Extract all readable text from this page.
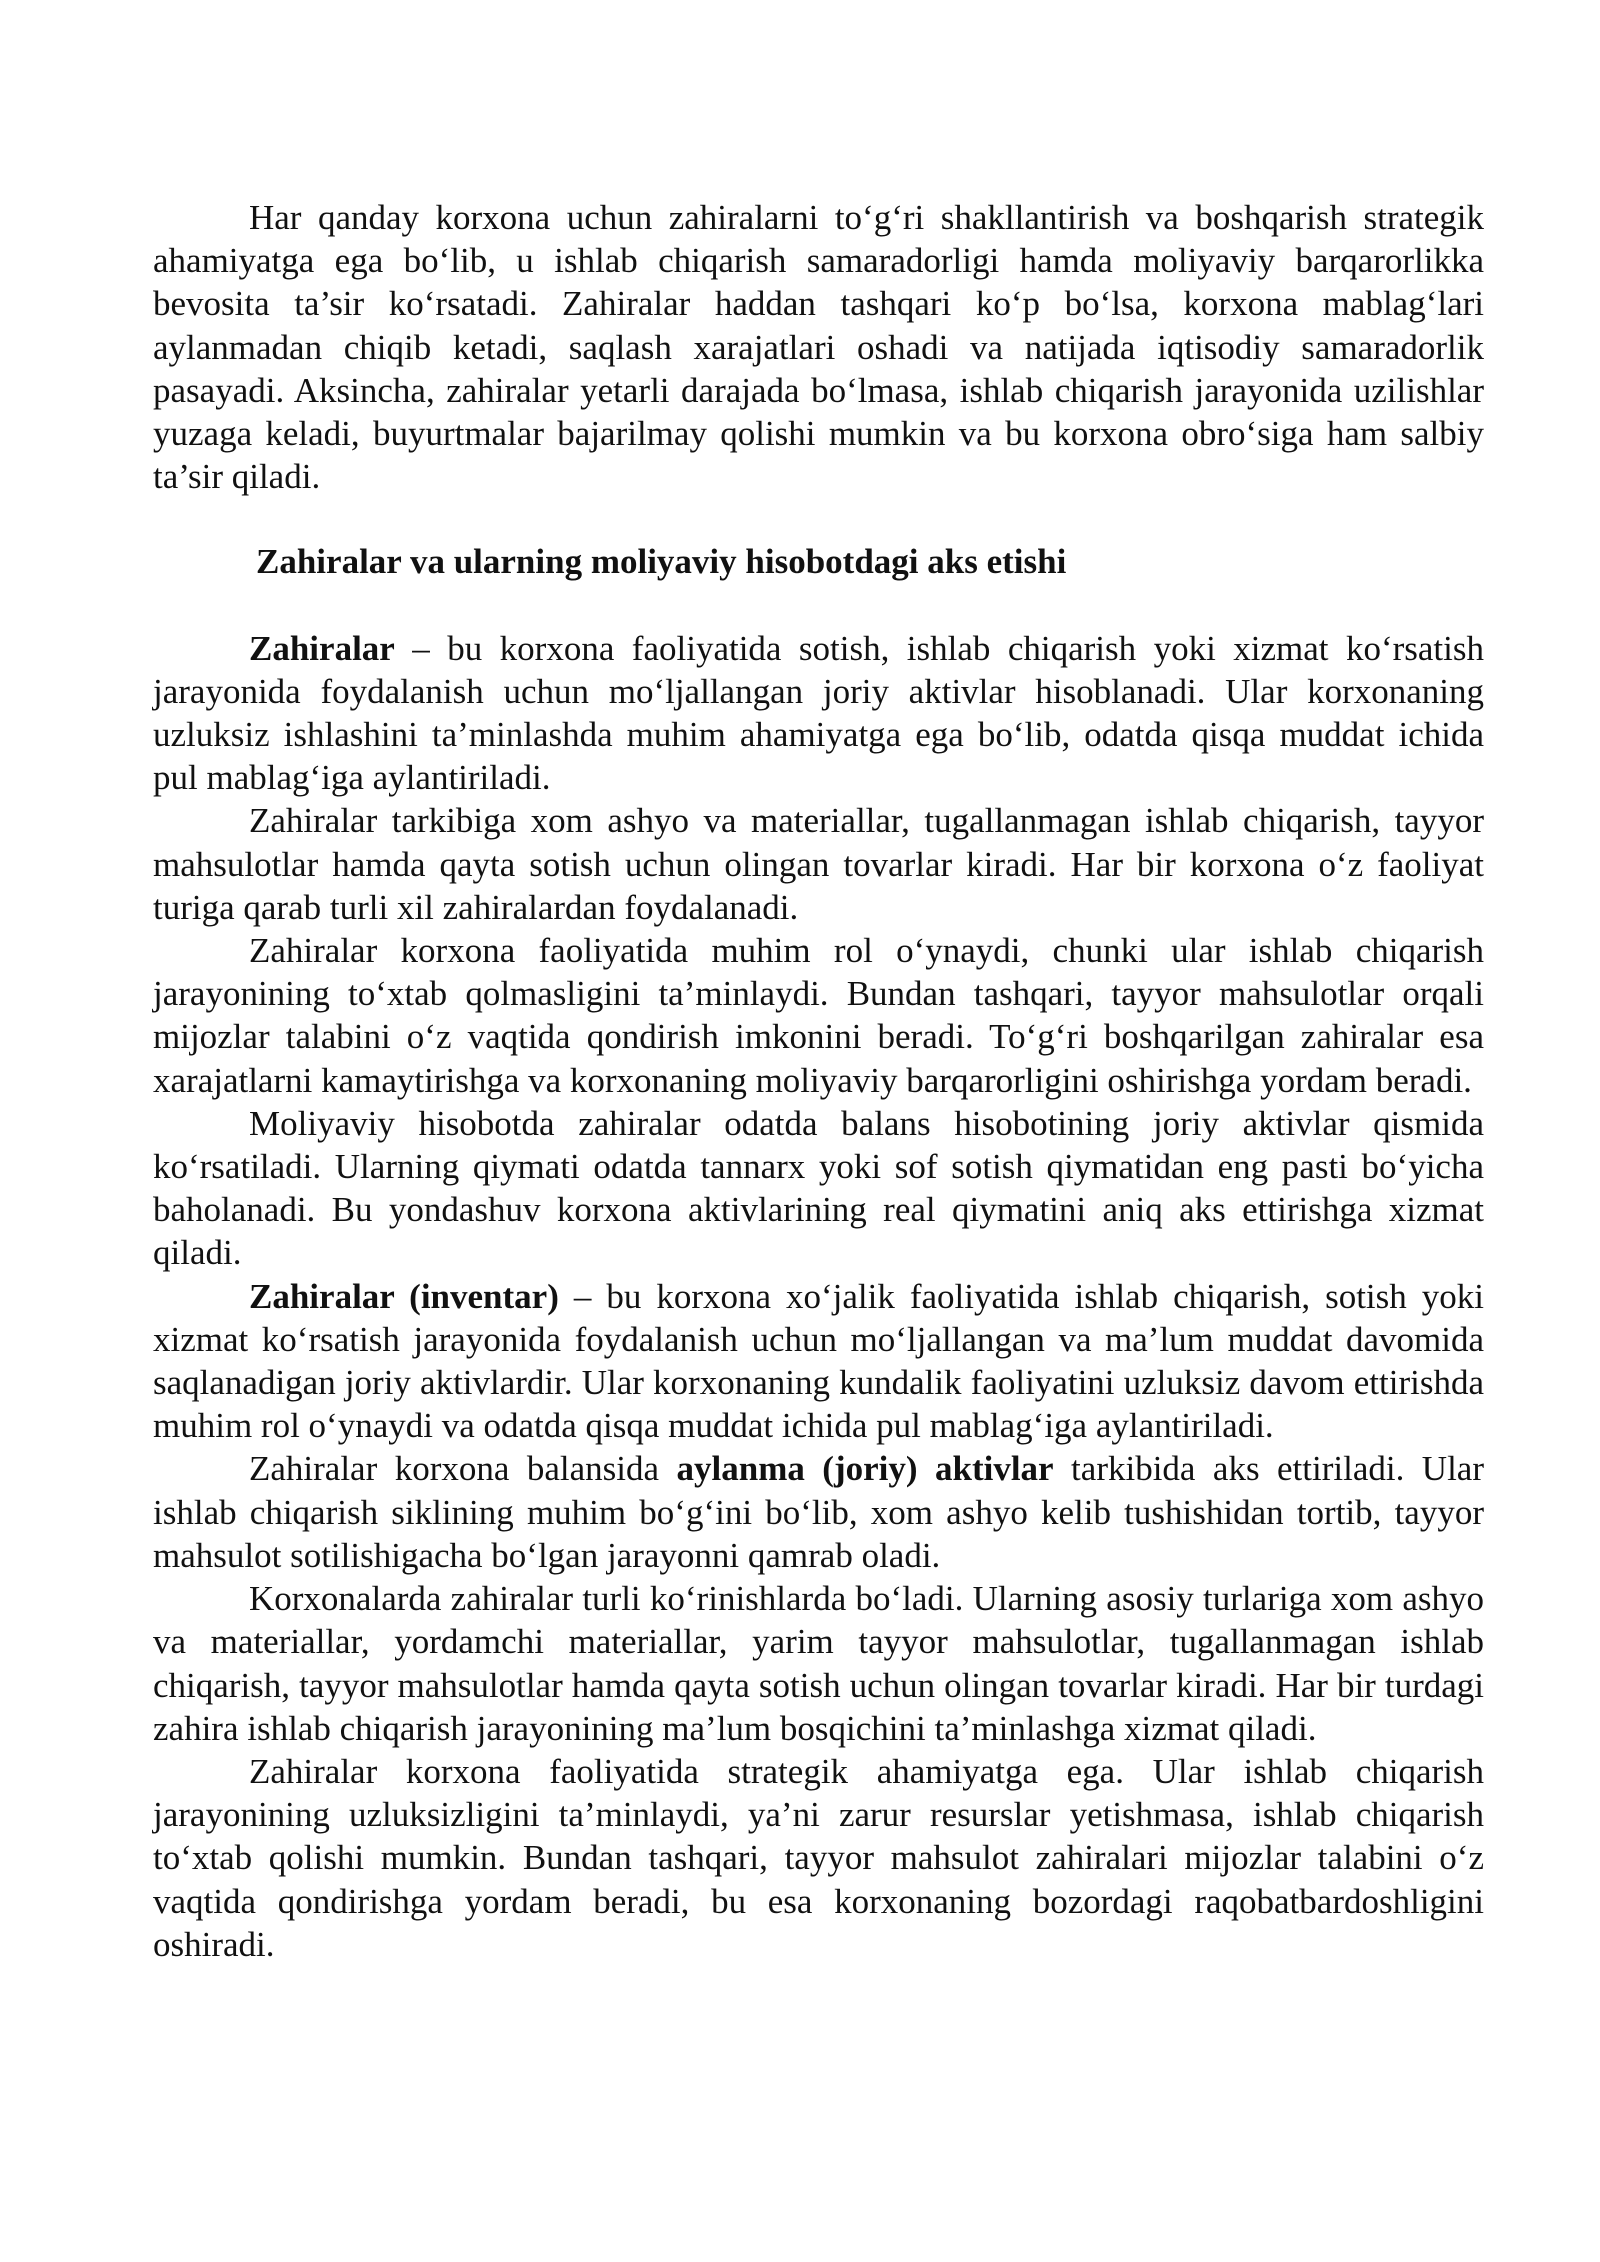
Har qanday korxona uchun zahiralarni to‘g‘ri shakllantirish va boshqarish strategik ahamiyatga ega bo‘lib, u ishlab chiqarish samaradorligi hamda moliyaviy barqarorlikka bevosita ta’sir ko‘rsatadi. Zahiralar haddan tashqari ko‘p bo‘lsa, korxona mablag‘lari aylanmadan chiqib ketadi, saqlash xarajatlari oshadi va natijada iqtisodiy samaradorlik pasayadi. Aksincha, zahiralar yetarli darajada bo‘lmasa, ishlab chiqarish jarayonida uzilishlar yuzaga keladi, buyurtmalar bajarilmay qolishi mumkin va bu korxona obro‘siga ham salbiy ta’sir qiladi.

Zahiralar va ularning moliyaviy hisobotdagi aks etishi

Zahiralar – bu korxona faoliyatida sotish, ishlab chiqarish yoki xizmat ko‘rsatish jarayonida foydalanish uchun mo‘ljallangan joriy aktivlar hisoblanadi. Ular korxonaning uzluksiz ishlashini ta’minlashda muhim ahamiyatga ega bo‘lib, odatda qisqa muddat ichida pul mablag‘iga aylantiriladi.

Zahiralar tarkibiga xom ashyo va materiallar, tugallanmagan ishlab chiqarish, tayyor mahsulotlar hamda qayta sotish uchun olingan tovarlar kiradi. Har bir korxona o‘z faoliyat turiga qarab turli xil zahiralardan foydalanadi.

Zahiralar korxona faoliyatida muhim rol o‘ynaydi, chunki ular ishlab chiqarish jarayonining to‘xtab qolmasligini ta’minlaydi. Bundan tashqari, tayyor mahsulotlar orqali mijozlar talabini o‘z vaqtida qondirish imkonini beradi. To‘g‘ri boshqarilgan zahiralar esa xarajatlarni kamaytirishga va korxonaning moliyaviy barqarorligini oshirishga yordam beradi.

Moliyaviy hisobotda zahiralar odatda balans hisobotining joriy aktivlar qismida ko‘rsatiladi. Ularning qiymati odatda tannarx yoki sof sotish qiymatidan eng pasti bo‘yicha baholanadi. Bu yondashuv korxona aktivlarining real qiymatini aniq aks ettirishga xizmat qiladi.

Zahiralar (inventar) – bu korxona xo‘jalik faoliyatida ishlab chiqarish, sotish yoki xizmat ko‘rsatish jarayonida foydalanish uchun mo‘ljallangan va ma’lum muddat davomida saqlanadigan joriy aktivlardir. Ular korxonaning kundalik faoliyatini uzluksiz davom ettirishda muhim rol o‘ynaydi va odatda qisqa muddat ichida pul mablag‘iga aylantiriladi.

Zahiralar korxona balansida aylanma (joriy) aktivlar tarkibida aks ettiriladi. Ular ishlab chiqarish siklining muhim bo‘g‘ini bo‘lib, xom ashyo kelib tushishidan tortib, tayyor mahsulot sotilishigacha bo‘lgan jarayonni qamrab oladi.

Korxonalarda zahiralar turli ko‘rinishlarda bo‘ladi. Ularning asosiy turlariga xom ashyo va materiallar, yordamchi materiallar, yarim tayyor mahsulotlar, tugallanmagan ishlab chiqarish, tayyor mahsulotlar hamda qayta sotish uchun olingan tovarlar kiradi. Har bir turdagi zahira ishlab chiqarish jarayonining ma’lum bosqichini ta’minlashga xizmat qiladi.

Zahiralar korxona faoliyatida strategik ahamiyatga ega. Ular ishlab chiqarish jarayonining uzluksizligini ta’minlaydi, ya’ni zarur resurslar yetishmasa, ishlab chiqarish to‘xtab qolishi mumkin. Bundan tashqari, tayyor mahsulot zahiralari mijozlar talabini o‘z vaqtida qondirishga yordam beradi, bu esa korxonaning bozordagi raqobatbardoshligini oshiradi.
